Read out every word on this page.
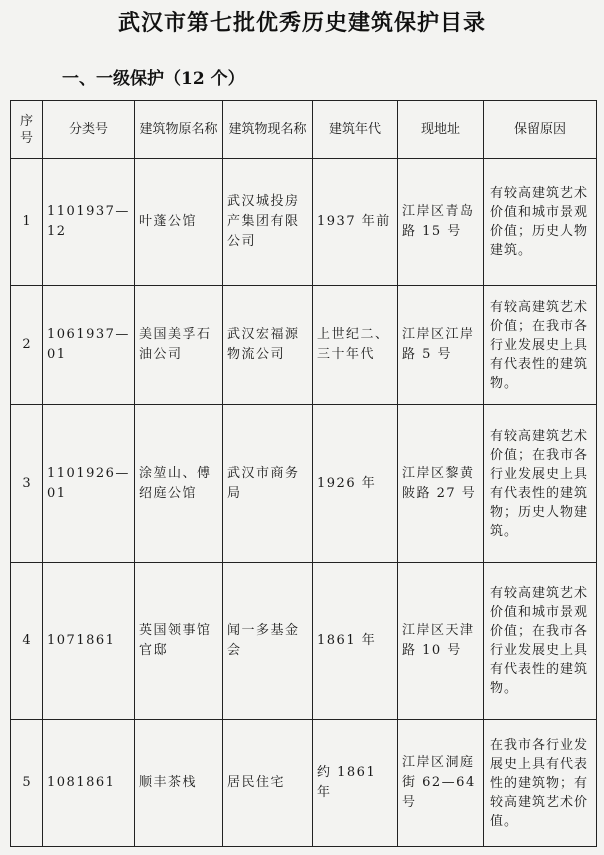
武汉市第七批优秀历史建筑保护目录
一、一级保护（12 个）
序号	分类号	建筑物原名称	建筑物现名称	建筑年代	现地址	保留原因
1	1101937—12	叶蓬公馆	武汉城投房产集团有限公司	1937 年前	江岸区青岛路 15 号	有较高建筑艺术价值和城市景观价值；历史人物建筑。
2	1061937—01	美国美孚石油公司	武汉宏福源物流公司	上世纪二、三十年代	江岸区江岸路 5 号	有较高建筑艺术价值；在我市各行业发展史上具有代表性的建筑物。
3	1101926—01	涂堃山、傅绍庭公馆	武汉市商务局	1926 年	江岸区黎黄陂路 27 号	有较高建筑艺术价值；在我市各行业发展史上具有代表性的建筑物；历史人物建筑。
4	1071861	英国领事馆官邸	闻一多基金会	1861 年	江岸区天津路 10 号	有较高建筑艺术价值和城市景观价值；在我市各行业发展史上具有代表性的建筑物。
5	1081861	顺丰茶栈	居民住宅	约 1861 年	江岸区洞庭街 62—64 号	在我市各行业发展史上具有代表性的建筑物；有较高建筑艺术价值。
